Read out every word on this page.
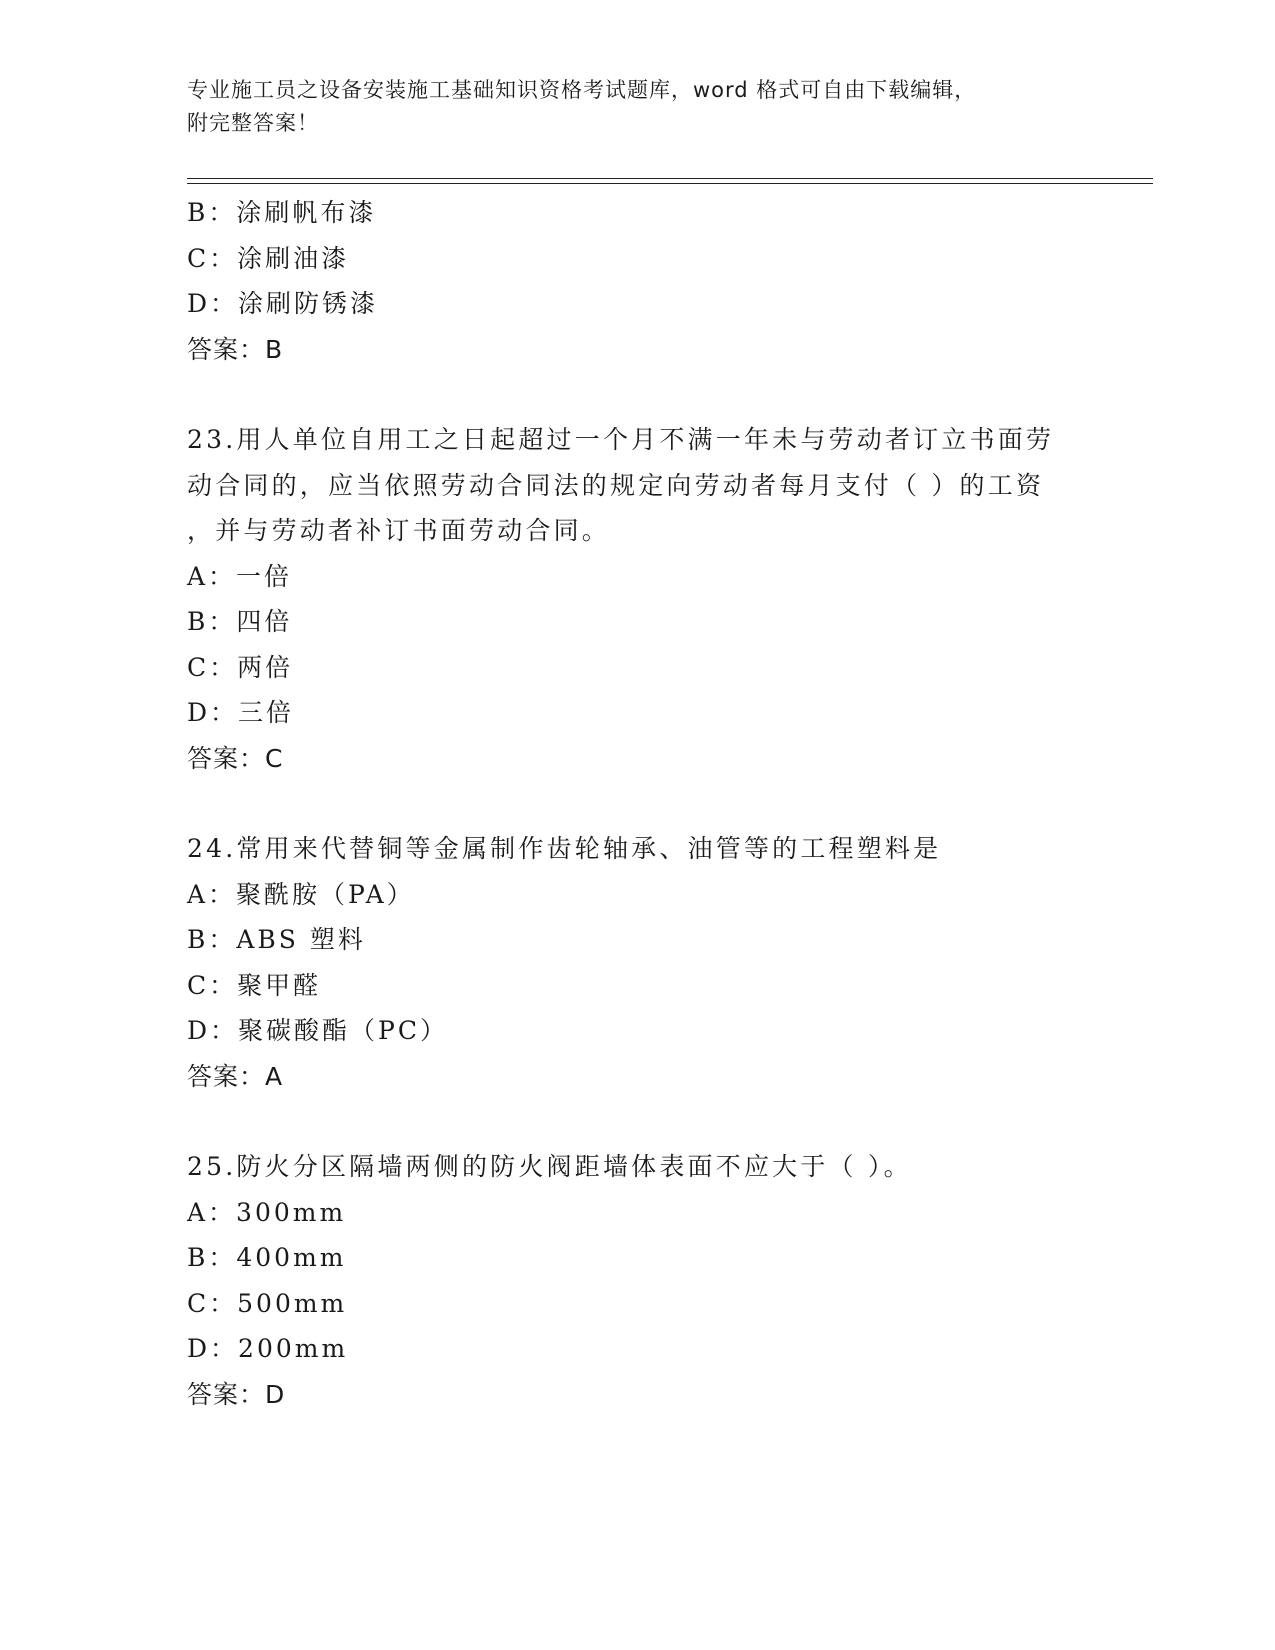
专业施工员之设备安装施工基础知识资格考试题库，word 格式可自由下载编辑，
附完整答案！
B：涂刷帆布漆
C：涂刷油漆
D：涂刷防锈漆
答案：B
23.用人单位自用工之日起超过一个月不满一年未与劳动者订立书面劳
动合同的，应当依照劳动合同法的规定向劳动者每月支付（ ）的工资
，并与劳动者补订书面劳动合同。
A：一倍
B：四倍
C：两倍
D：三倍
答案：C
24.常用来代替铜等金属制作齿轮轴承、油管等的工程塑料是
A：聚酰胺（PA）
B：ABS 塑料
C：聚甲醛
D：聚碳酸酯（PC）
答案：A
25.防火分区隔墙两侧的防火阀距墙体表面不应大于（ ）。
A：300mm
B：400mm
C：500mm
D：200mm
答案：D
